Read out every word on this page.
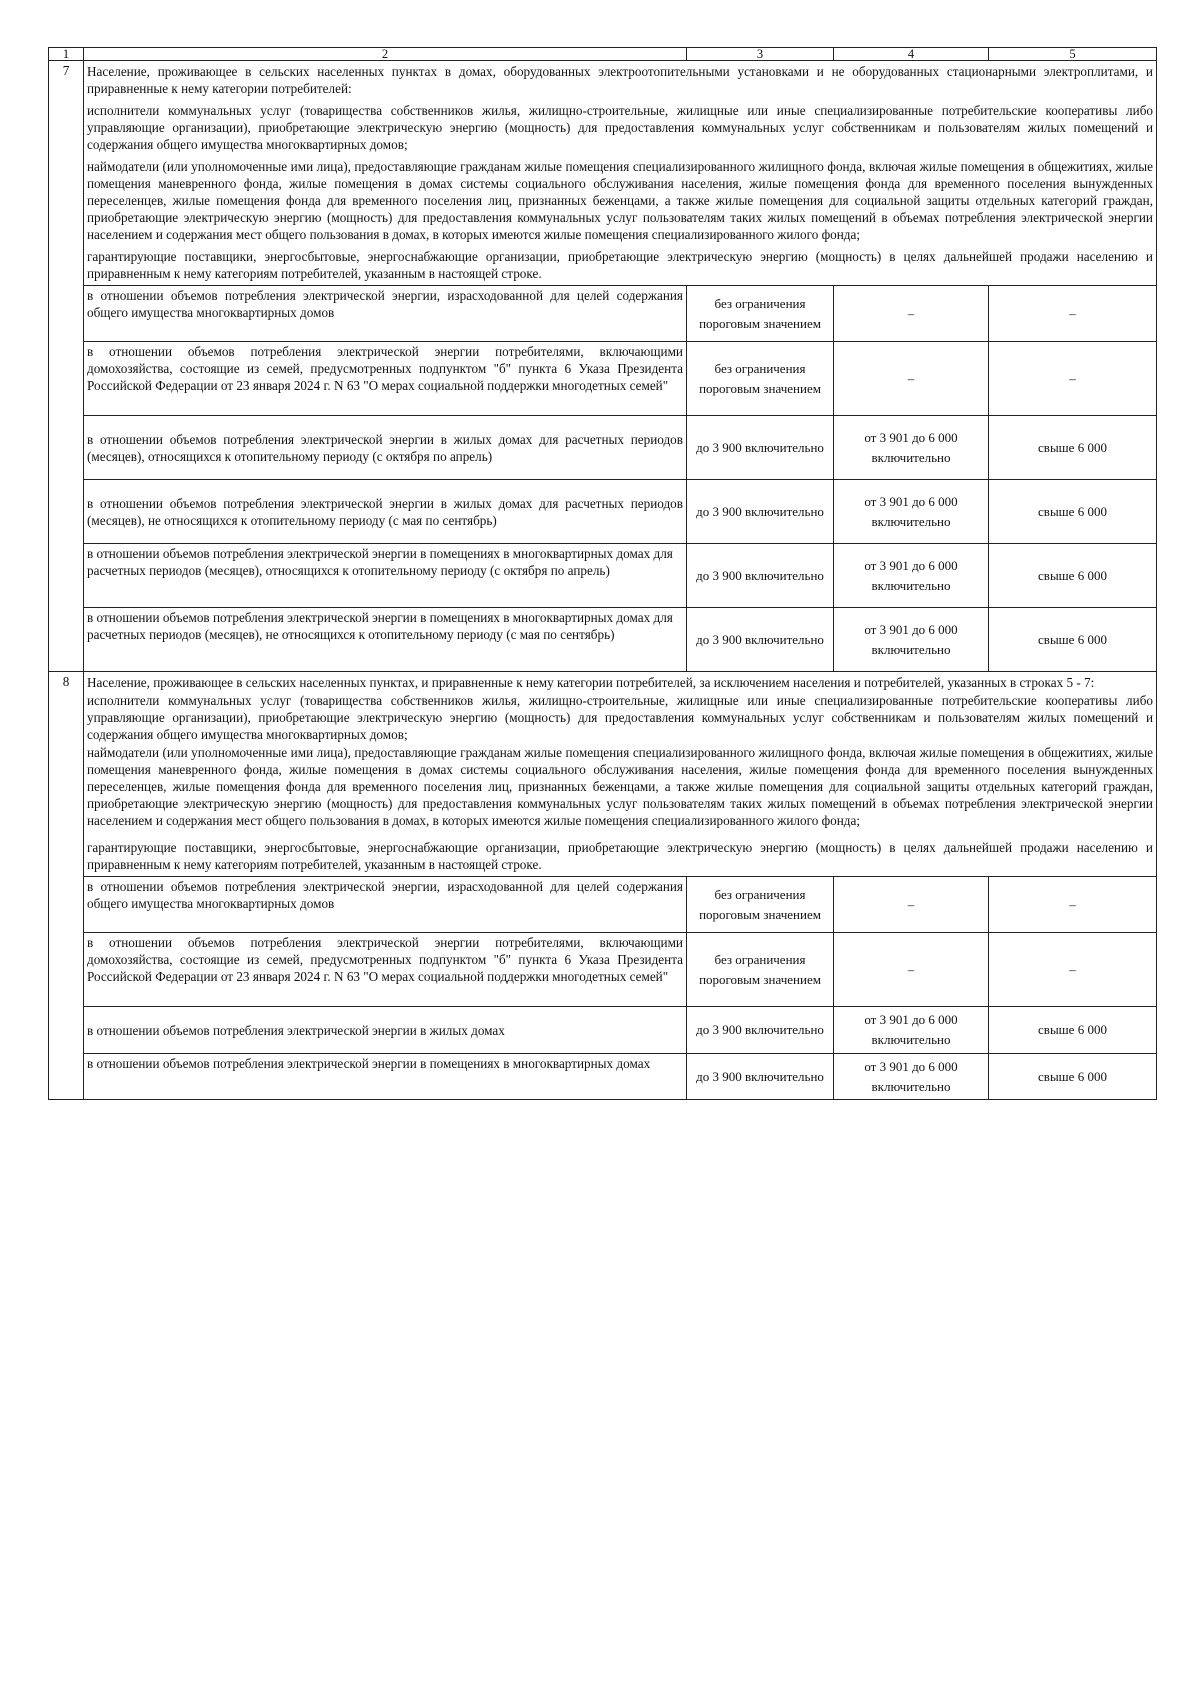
1	2	3	4	5
7	Население, проживающее в сельских населенных пунктах в домах, оборудованных электроотопительными установками и не оборудованных стационарными электроплитами, и приравненные к нему категории потребителей:
исполнители коммунальных услуг (товарищества собственников жилья, жилищно-строительные, жилищные или иные специализированные потребительские кооперативы либо управляющие организации), приобретающие электрическую энергию (мощность) для предоставления коммунальных услуг собственникам и пользователям жилых помещений и содержания общего имущества многоквартирных домов;
наймодатели (или уполномоченные ими лица), предоставляющие гражданам жилые помещения специализированного жилищного фонда, включая жилые помещения в общежитиях, жилые помещения маневренного фонда, жилые помещения в домах системы социального обслуживания населения, жилые помещения фонда для временного поселения вынужденных переселенцев, жилые помещения фонда для временного поселения лиц, признанных беженцами, а также жилые помещения для социальной защиты отдельных категорий граждан, приобретающие электрическую энергию (мощность) для предоставления коммунальных услуг пользователям таких жилых помещений в объемах потребления электрической энергии населением и содержания мест общего пользования в домах, в которых имеются жилые помещения специализированного жилого фонда;
гарантирующие поставщики, энергосбытовые, энергоснабжающие организации, приобретающие электрическую энергию (мощность) в целях дальнейшей продажи населению и приравненным к нему категориям потребителей, указанным в настоящей строке.			

	в отношении объемов потребления электрической энергии, израсходованной для целей содержания общего имущества многоквартирных домов	без ограничения пороговым значением	–	–
	в отношении объемов потребления электрической энергии потребителями, включающими домохозяйства, состоящие из семей, предусмотренных подпунктом "б" пункта 6 Указа Президента Российской Федерации от 23 января 2024 г. N 63 "О мерах социальной поддержки многодетных семей"	без ограничения пороговым значением	–	–
	в отношении объемов потребления электрической энергии в жилых домах для расчетных периодов (месяцев), относящихся к отопительному периоду (с октября по апрель)	до 3 900 включительно	от 3 901 до 6 000 включительно	свыше 6 000
	в отношении объемов потребления электрической энергии в жилых домах для расчетных периодов (месяцев), не относящихся к отопительному периоду (с мая по сентябрь)	до 3 900 включительно	от 3 901 до 6 000 включительно	свыше 6 000
	в отношении объемов потребления электрической энергии в помещениях в многоквартирных домах для расчетных периодов (месяцев), относящихся к отопительному периоду (с октября по апрель)	до 3 900 включительно	от 3 901 до 6 000 включительно	свыше 6 000
	в отношении объемов потребления электрической энергии в помещениях в многоквартирных домах для расчетных периодов (месяцев), не относящихся к отопительному периоду (с мая по сентябрь)	до 3 900 включительно	от 3 901 до 6 000 включительно	свыше 6 000
8	Население, проживающее в сельских населенных пунктах, и приравненные к нему категории потребителей, за исключением населения и потребителей, указанных в строках 5 - 7:
исполнители коммунальных услуг (товарищества собственников жилья, жилищно-строительные, жилищные или иные специализированные потребительские кооперативы либо управляющие организации), приобретающие электрическую энергию (мощность) для предоставления коммунальных услуг собственникам и пользователям жилых помещений и содержания общего имущества многоквартирных домов;
наймодатели (или уполномоченные ими лица), предоставляющие гражданам жилые помещения специализированного жилищного фонда, включая жилые помещения в общежитиях, жилые помещения маневренного фонда, жилые помещения в домах системы социального обслуживания населения, жилые помещения фонда для временного поселения вынужденных переселенцев, жилые помещения фонда для временного поселения лиц, признанных беженцами, а также жилые помещения для социальной защиты отдельных категорий граждан, приобретающие электрическую энергию (мощность) для предоставления коммунальных услуг пользователям таких жилых помещений в объемах потребления электрической энергии населением и содержания мест общего пользования в домах, в которых имеются жилые помещения специализированного жилого фонда;
гарантирующие поставщики, энергосбытовые, энергоснабжающие организации, приобретающие электрическую энергию (мощность) в целях дальнейшей продажи населению и приравненным к нему категориям потребителей, указанным в настоящей строке.			

	в отношении объемов потребления электрической энергии, израсходованной для целей содержания общего имущества многоквартирных домов	без ограничения пороговым значением	–	–
	в отношении объемов потребления электрической энергии потребителями, включающими домохозяйства, состоящие из семей, предусмотренных подпунктом "б" пункта 6 Указа Президента Российской Федерации от 23 января 2024 г. N 63 "О мерах социальной поддержки многодетных семей"	без ограничения пороговым значением	–	–
	в отношении объемов потребления электрической энергии в жилых домах	до 3 900 включительно	от 3 901 до 6 000 включительно	свыше 6 000
	в отношении объемов потребления электрической энергии в помещениях в многоквартирных домах	до 3 900 включительно	от 3 901 до 6 000 включительно	свыше 6 000
